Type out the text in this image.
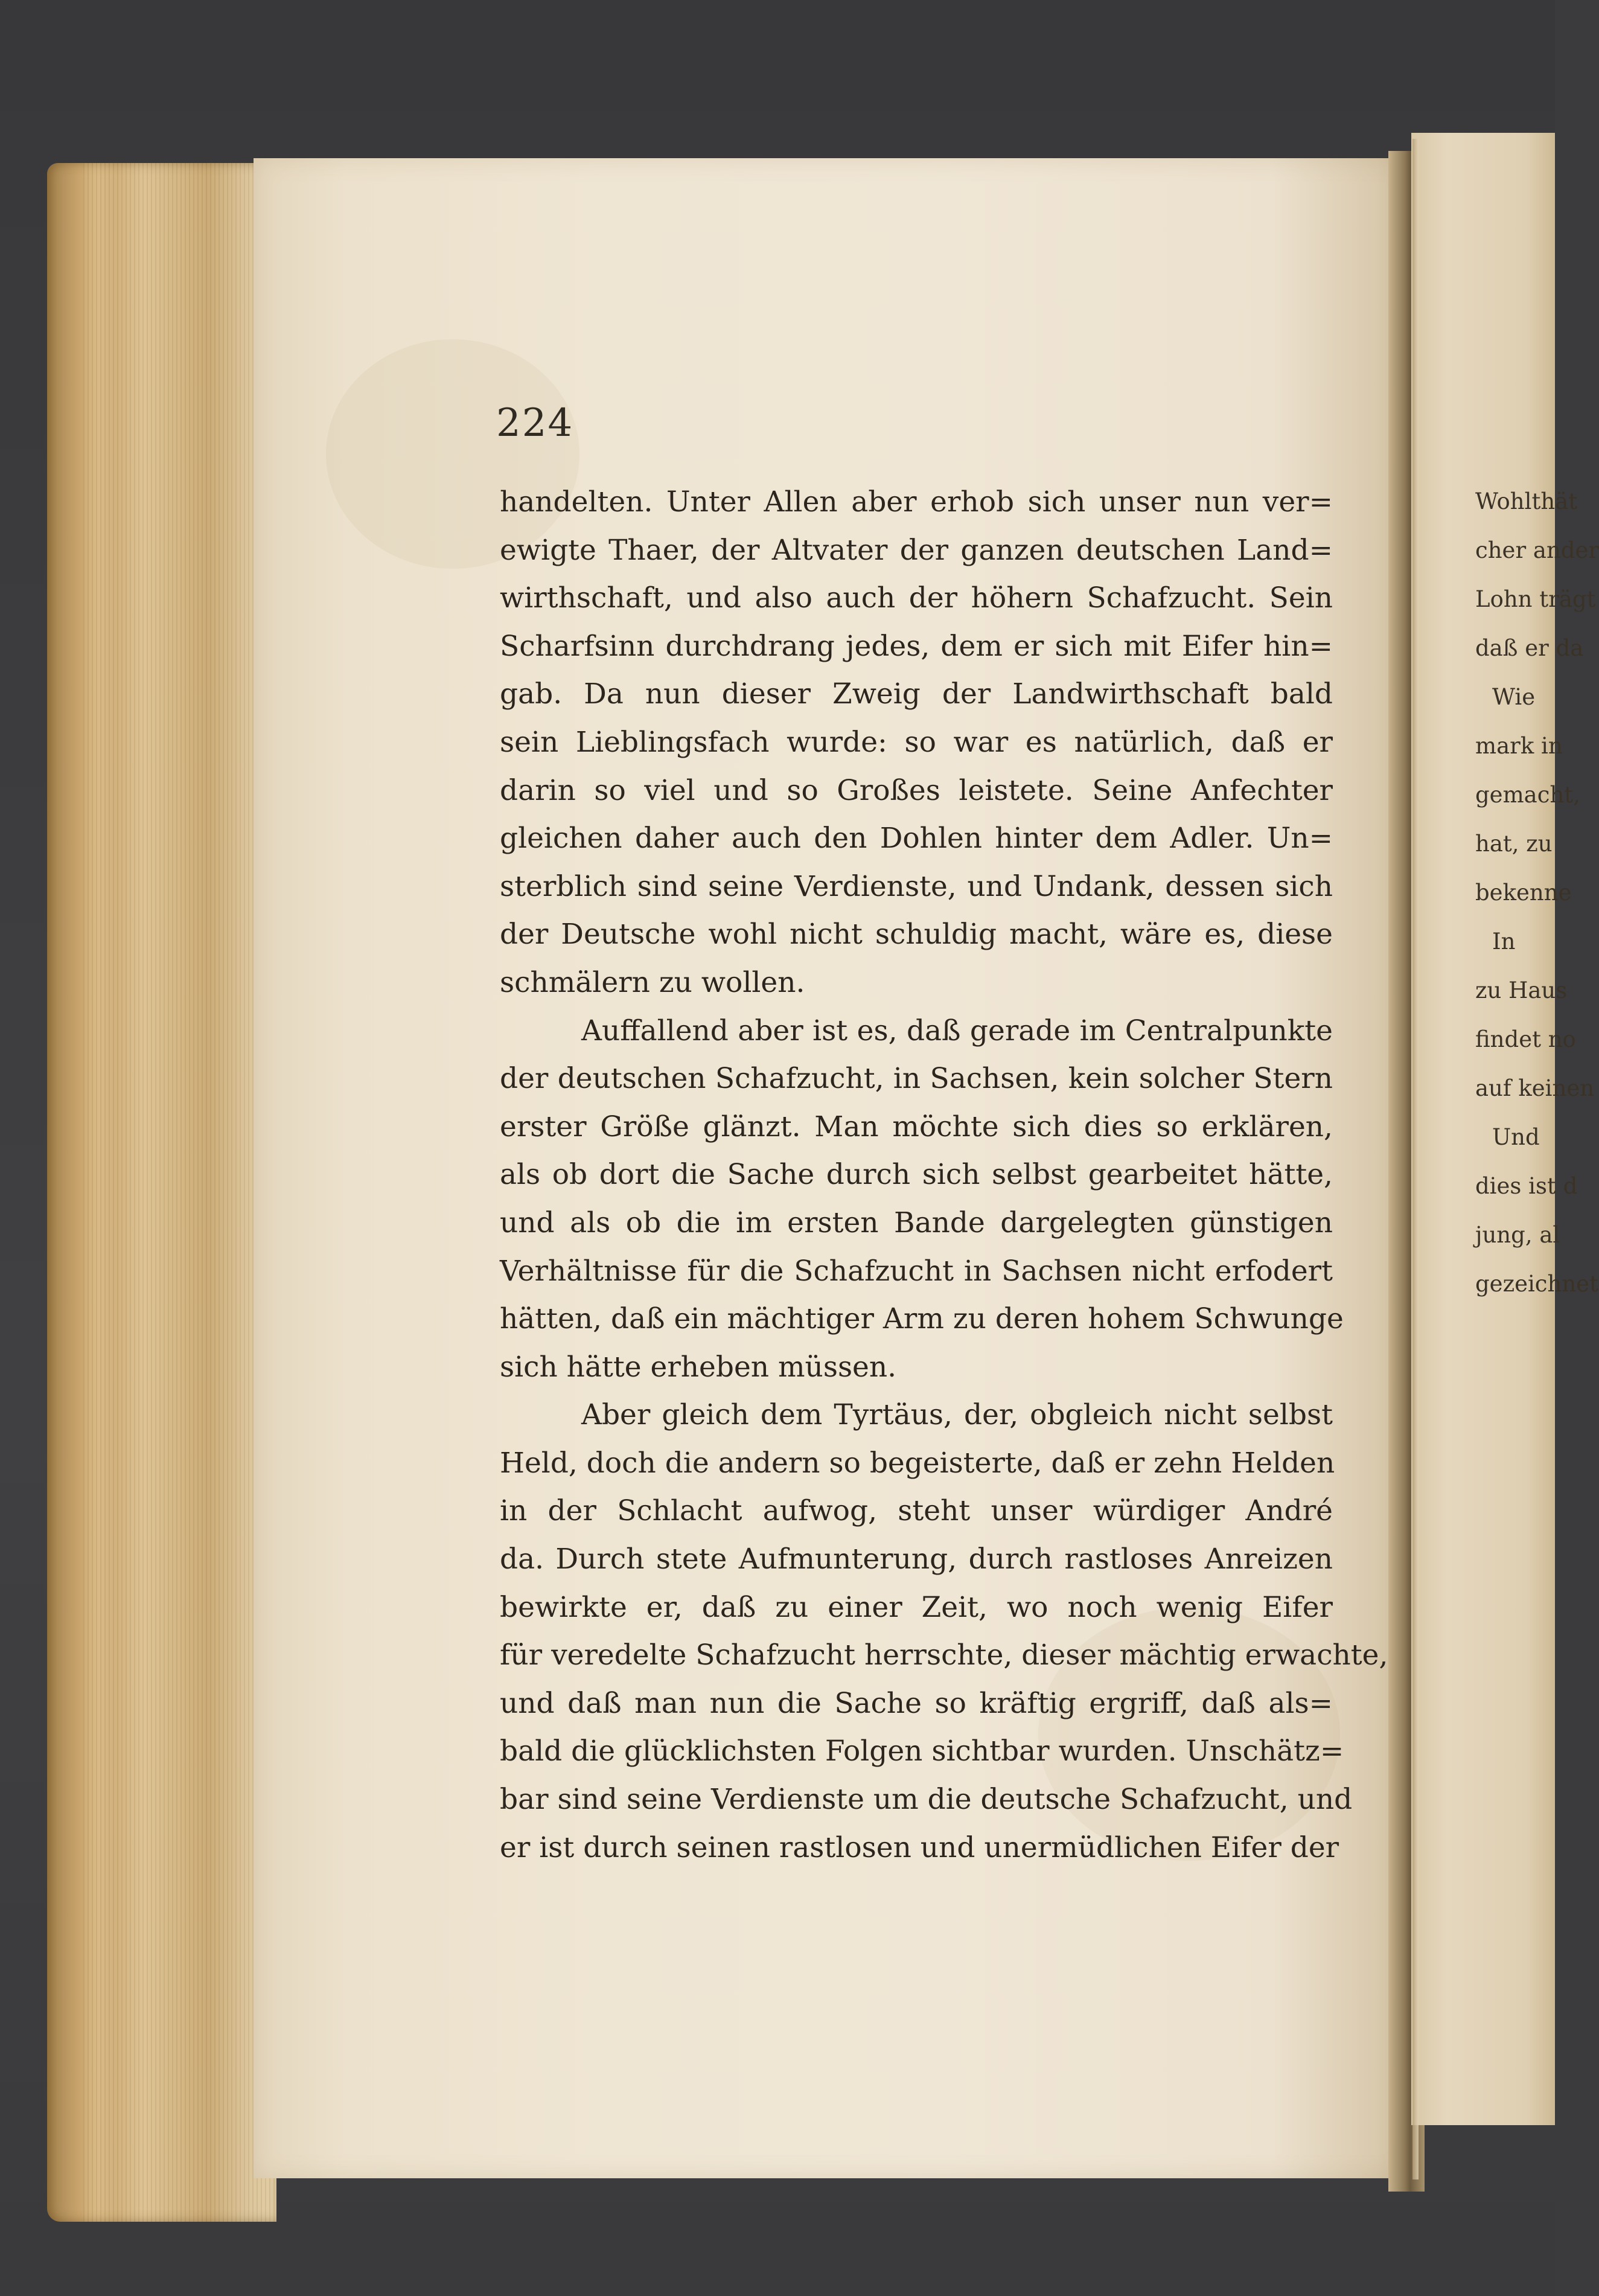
224
handelten. Unter Allen aber erhob sich unser nun ver=
ewigte Thaer, der Altvater der ganzen deutschen Land=
wirthschaft, und also auch der höhern Schafzucht. Sein
Scharfsinn durchdrang jedes, dem er sich mit Eifer hin=
gab. Da nun dieser Zweig der Landwirthschaft bald
sein Lieblingsfach wurde: so war es natürlich, daß er
darin so viel und so Großes leistete. Seine Anfechter
gleichen daher auch den Dohlen hinter dem Adler. Un=
sterblich sind seine Verdienste, und Undank, dessen sich
der Deutsche wohl nicht schuldig macht, wäre es, diese
schmälern zu wollen.
Auffallend aber ist es, daß gerade im Centralpunkte
der deutschen Schafzucht, in Sachsen, kein solcher Stern
erster Größe glänzt. Man möchte sich dies so erklären,
als ob dort die Sache durch sich selbst gearbeitet hätte,
und als ob die im ersten Bande dargelegten günstigen
Verhältnisse für die Schafzucht in Sachsen nicht erfodert
hätten, daß ein mächtiger Arm zu deren hohem Schwunge
sich hätte erheben müssen.
Aber gleich dem Tyrtäus, der, obgleich nicht selbst
Held, doch die andern so begeisterte, daß er zehn Helden
in der Schlacht aufwog, steht unser würdiger André
da. Durch stete Aufmunterung, durch rastloses Anreizen
bewirkte er, daß zu einer Zeit, wo noch wenig Eifer
für veredelte Schafzucht herrschte, dieser mächtig erwachte,
und daß man nun die Sache so kräftig ergriff, daß als=
bald die glücklichsten Folgen sichtbar wurden. Unschätz=
bar sind seine Verdienste um die deutsche Schafzucht, und
er ist durch seinen rastlosen und unermüdlichen Eifer der
Wohlthät
cher ander
Lohn trägt
daß er da
Wie
mark in
gemacht,
hat, zu
bekenne
In
zu Haus
findet no
auf keinen
Und
dies ist d
jung, al
gezeichnet
